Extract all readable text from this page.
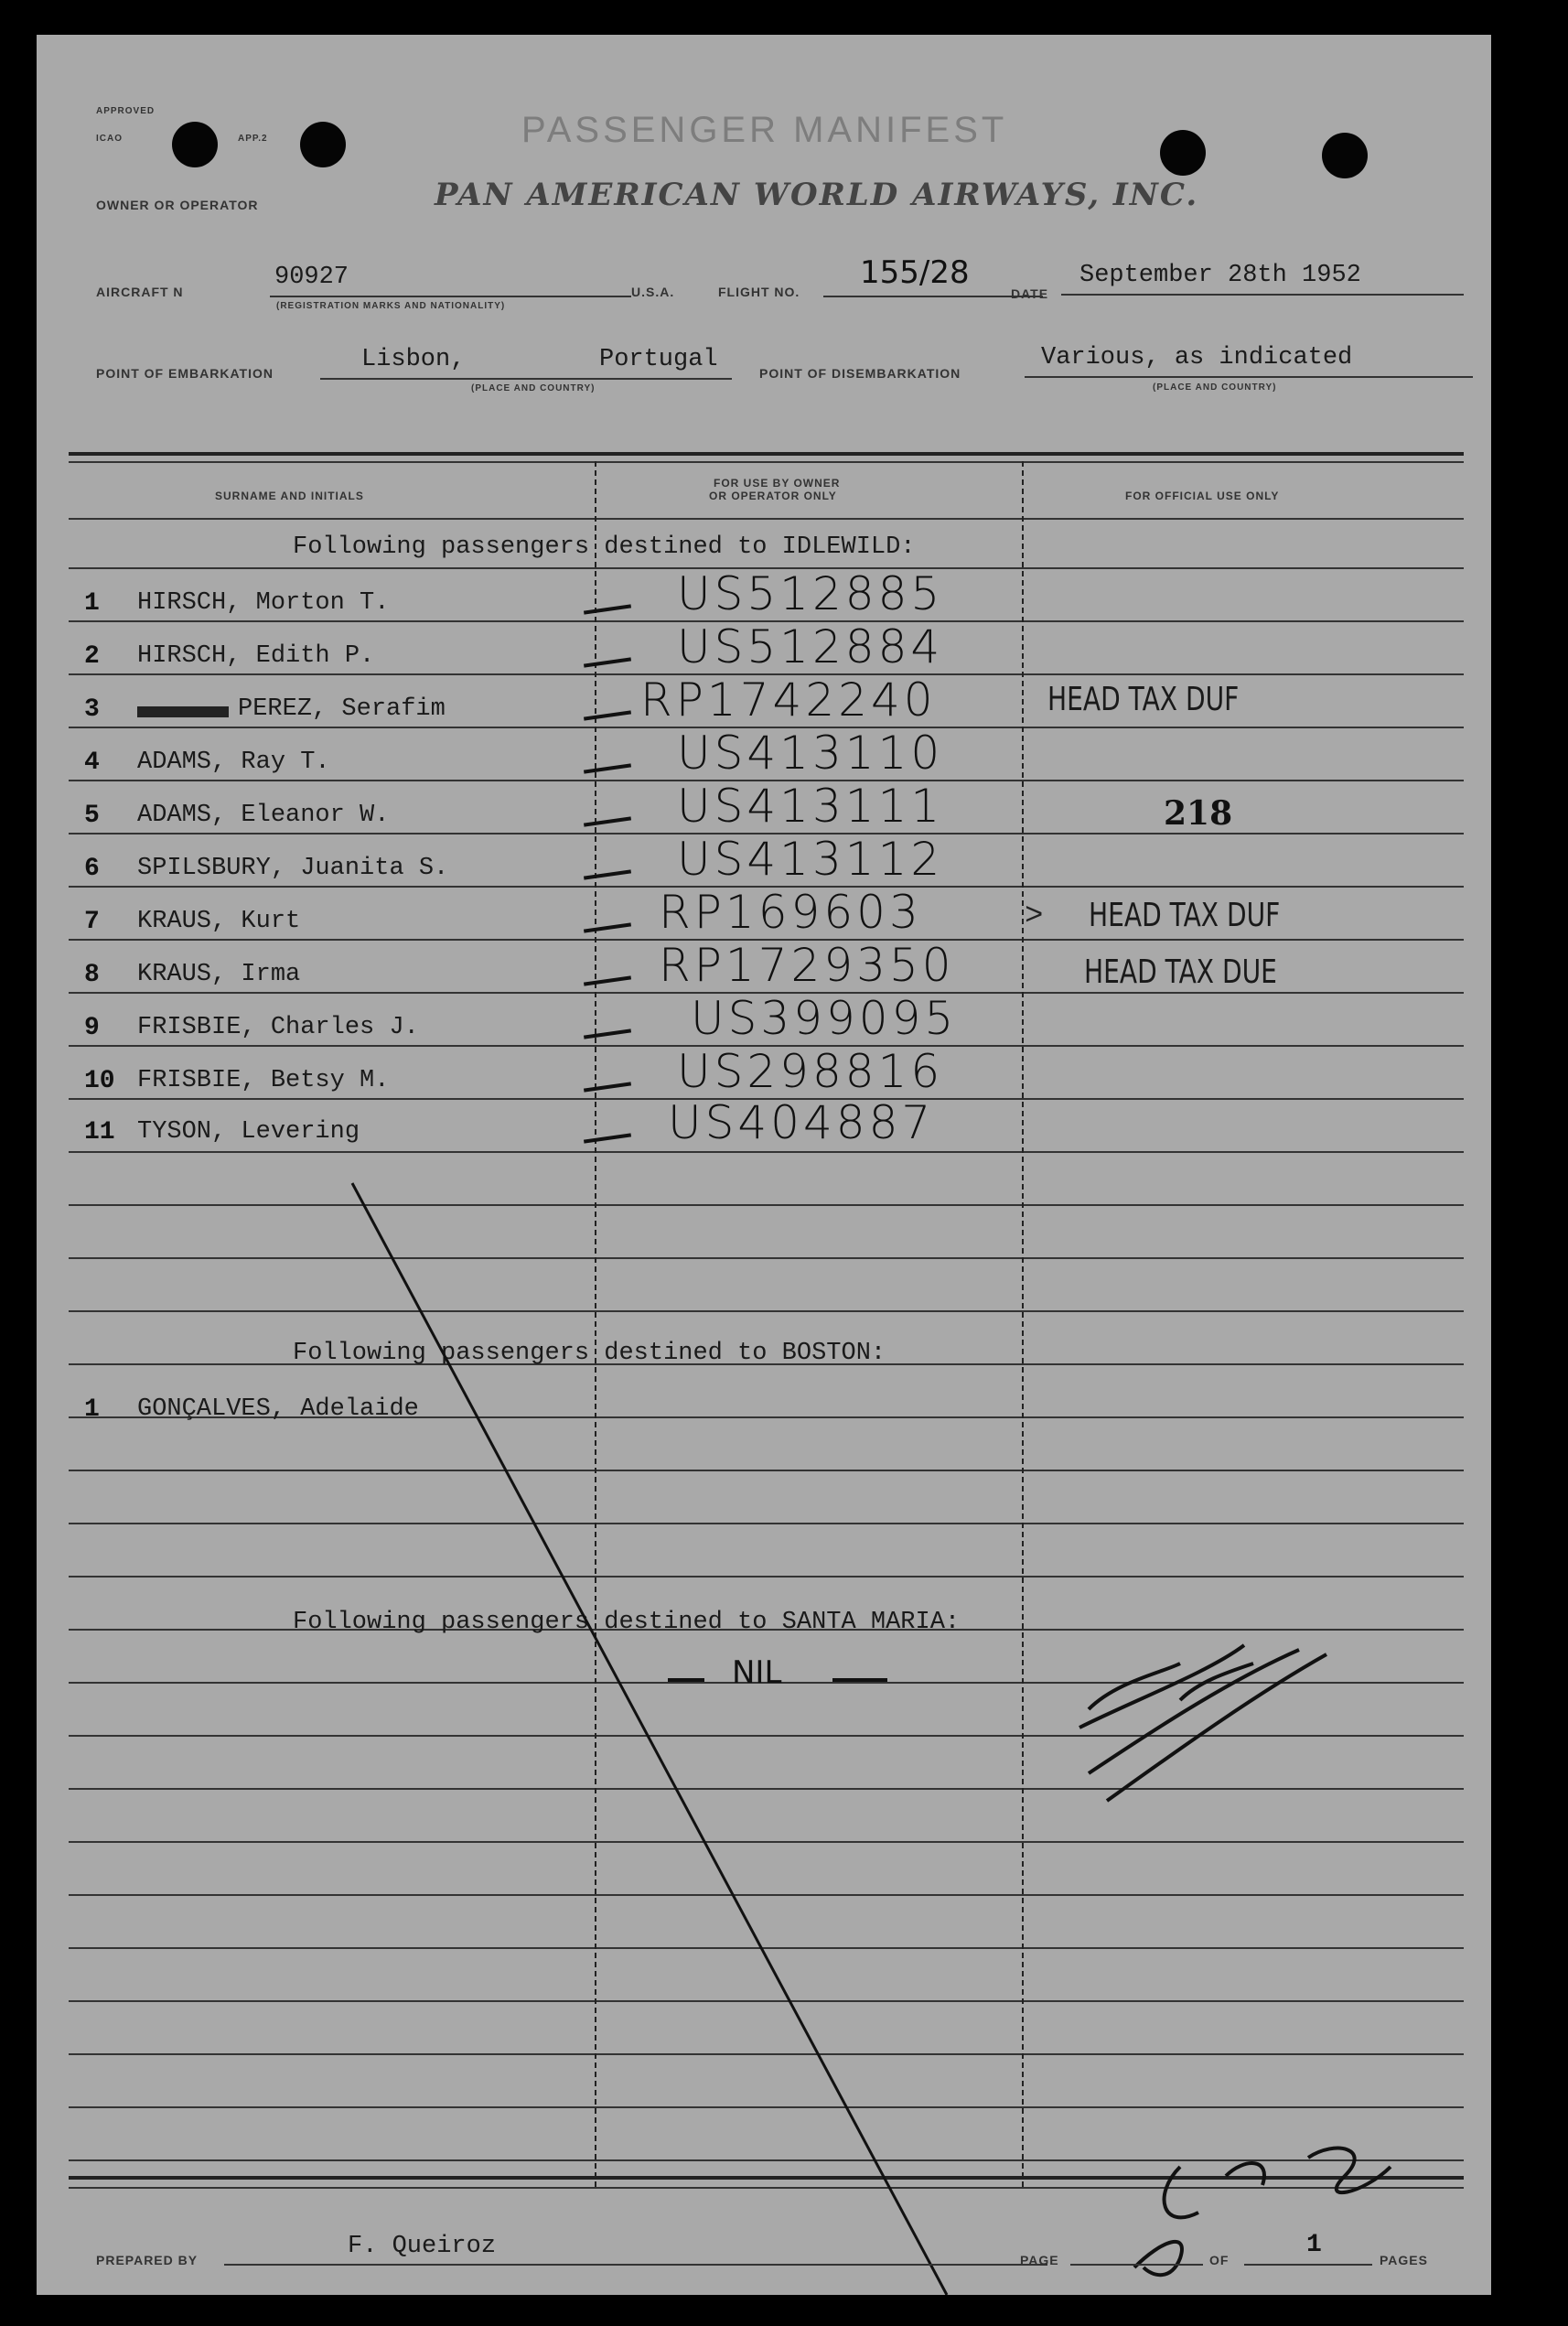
APPROVED
ICAO	APP.2	PASSENGER MANIFEST
OWNER OR OPERATOR	PAN AMERICAN WORLD AIRWAYS, INC.
AIRCRAFT N
90927
(REGISTRATION MARKS AND NATIONALITY)
U.S.A.	FLIGHT NO.
155/28
DATE
September 28th 1952
POINT OF EMBARKATION	Lisbon,	Portugal
(PLACE AND COUNTRY)
POINT OF DISEMBARKATION
Various, as indicated
(PLACE AND COUNTRY)
SURNAME AND INITIALS
FOR USE BY OWNER
OR OPERATOR ONLY	FOR OFFICIAL USE ONLY
Following passengers destined to IDLEWILD:
1 HIRSCH, Morton T.	US512885
2 HIRSCH, Edith P.	US512884
3	PEREZ, Serafim	RP1742240	HEAD TAX DUF
4 ADAMS, Ray T.	US413110
5 ADAMS, Eleanor W.	US413111	218
6 SPILSBURY, Juanita S.	US413112
7 KRAUS, Kurt	RP169603	> HEAD TAX DUF
8 KRAUS, Irma	RP1729350	HEAD TAX DUE
9 FRISBIE, Charles J.	US399095
10 FRISBIE, Betsy M.	US298816
11 TYSON, Levering	US404887
Following passengers destined to BOSTON:
1 GONÇALVES, Adelaide
Following passengers destined to SANTA MARIA:
NIL
PREPARED BY	F. Queiroz	PAGE	OF
1
PAGES
